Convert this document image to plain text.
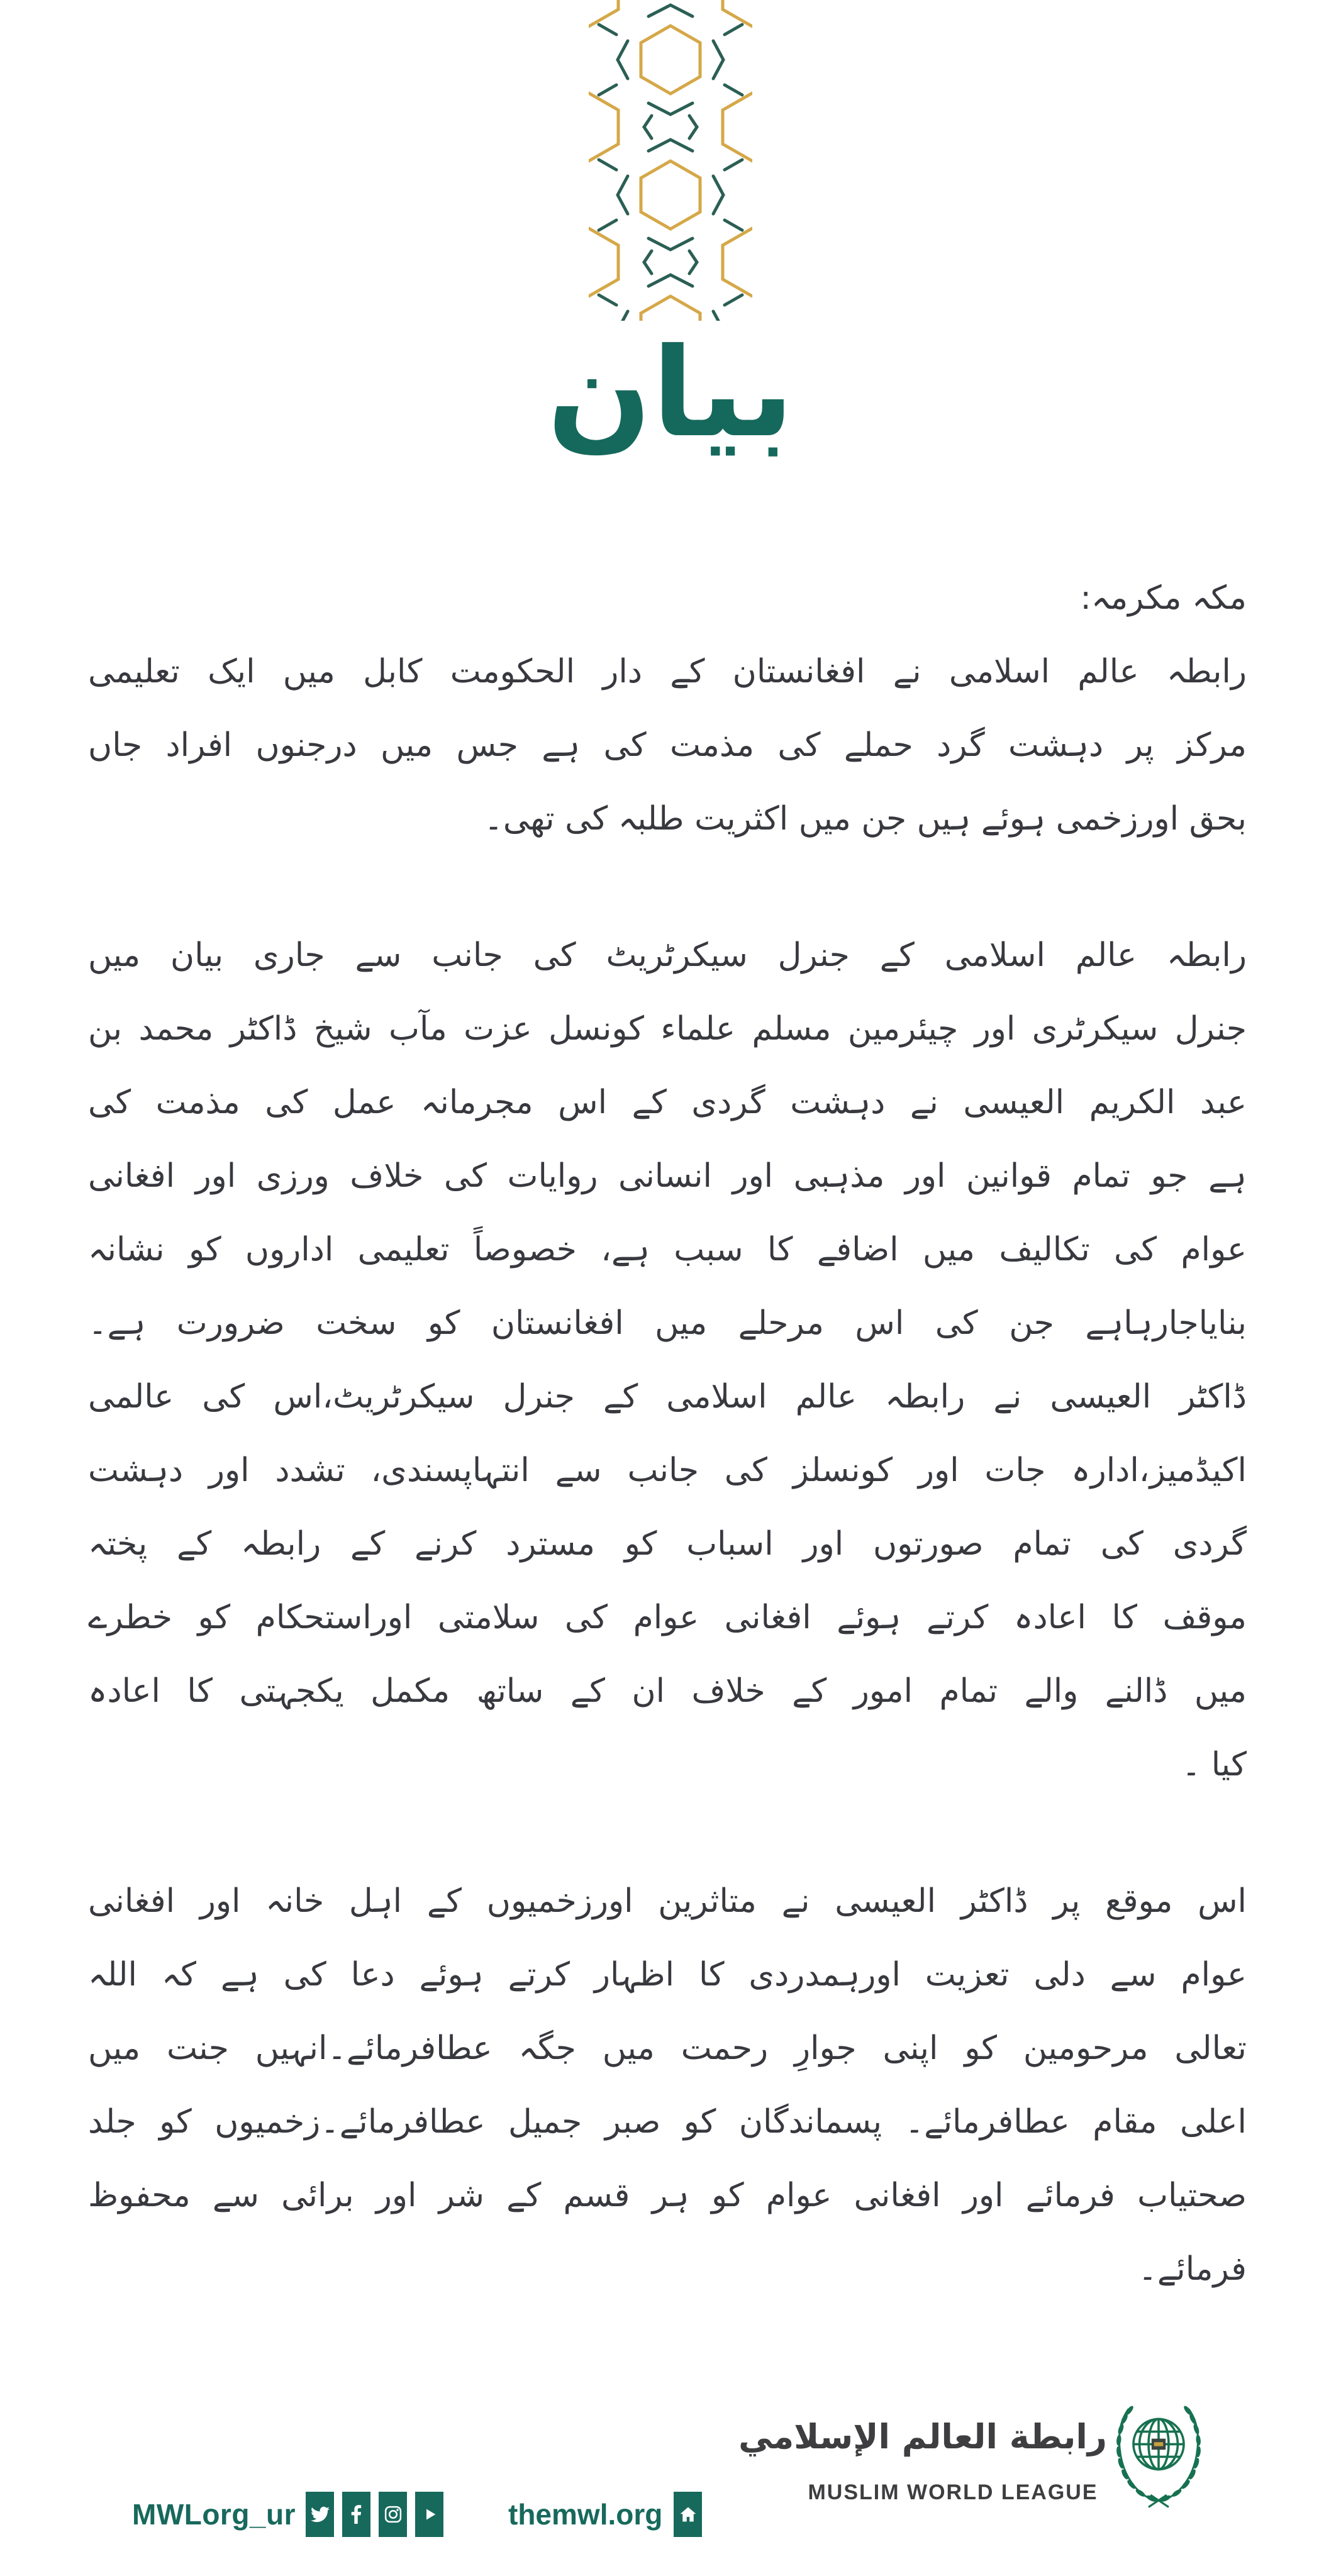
بيان
مکہ مکرمہ:
رابطہ عالم اسلامی نے افغانستان کے دار الحکومت کابل میں ایک تعلیمی
مرکز پر دہشت گرد حملے کی مذمت کی ہے جس میں درجنوں افراد جاں
بحق اورزخمی ہوئے ہیں جن میں اکثریت طلبہ کی تھی۔
رابطہ عالم اسلامی کے جنرل سیکرٹریٹ کی جانب سے جاری بیان میں
جنرل سیکرٹری اور چیئرمین مسلم علماء کونسل عزت مآب شیخ ڈاکٹر محمد بن
عبد الکریم العیسی نے دہشت گردی کے اس مجرمانہ عمل کی مذمت کی
ہے جو تمام قوانین اور مذہبی اور انسانی روایات کی خلاف ورزی اور افغانی
عوام کی تکالیف میں اضافے کا سبب ہے، خصوصاً تعلیمی اداروں کو نشانہ
بنایاجارہاہے جن کی اس مرحلے میں افغانستان کو سخت ضرورت ہے۔
ڈاکٹر العیسی نے رابطہ عالم اسلامی کے جنرل سیکرٹریٹ،اس کی عالمی
اکیڈمیز،ادارہ جات اور کونسلز کی جانب سے انتہاپسندی، تشدد اور دہشت
گردی کی تمام صورتوں اور اسباب کو مسترد کرنے کے رابطہ کے پختہ
موقف کا اعادہ کرتے ہوئے افغانی عوام کی سلامتی اوراستحکام کو خطرے
میں ڈالنے والے تمام امور کے خلاف ان کے ساتھ مکمل یکجہتی کا اعادہ
کیا ۔
اس موقع پر ڈاکٹر العیسی نے متاثرین اورزخمیوں کے اہل خانہ اور افغانی
عوام سے دلی تعزیت اورہمدردی کا اظہار کرتے ہوئے دعا کی ہے کہ اللہ
تعالی مرحومین کو اپنی جوارِ رحمت میں جگہ عطافرمائے۔انہیں جنت میں
اعلی مقام عطافرمائے۔ پسماندگان کو صبر جمیل عطافرمائے۔زخمیوں کو جلد
صحتیاب فرمائے اور افغانی عوام کو ہر قسم کے شر اور برائی سے محفوظ
فرمائے۔
MWLorg_ur	themwl.org
رابطة العالم الإسلامي
MUSLIM WORLD LEAGUE
